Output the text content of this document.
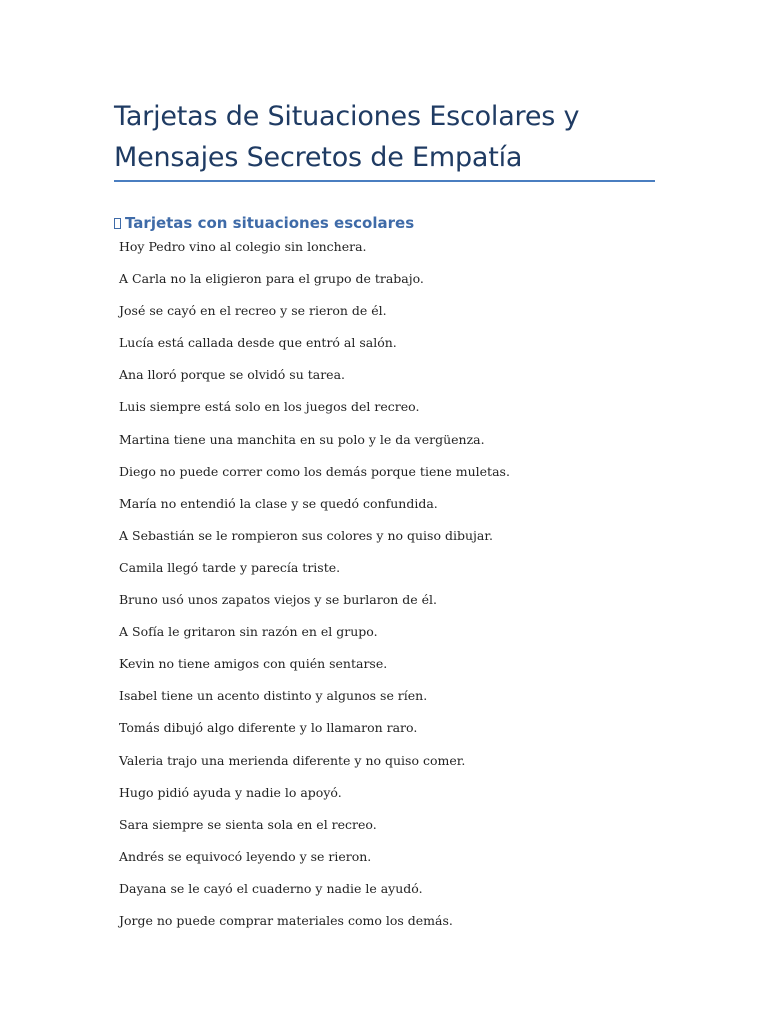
Tarjetas de Situaciones Escolares y Mensajes Secretos de Empatía
Tarjetas con situaciones escolares
Hoy Pedro vino al colegio sin lonchera.
A Carla no la eligieron para el grupo de trabajo.
José se cayó en el recreo y se rieron de él.
Lucía está callada desde que entró al salón.
Ana lloró porque se olvidó su tarea.
Luis siempre está solo en los juegos del recreo.
Martina tiene una manchita en su polo y le da vergüenza.
Diego no puede correr como los demás porque tiene muletas.
María no entendió la clase y se quedó confundida.
A Sebastián se le rompieron sus colores y no quiso dibujar.
Camila llegó tarde y parecía triste.
Bruno usó unos zapatos viejos y se burlaron de él.
A Sofía le gritaron sin razón en el grupo.
Kevin no tiene amigos con quién sentarse.
Isabel tiene un acento distinto y algunos se ríen.
Tomás dibujó algo diferente y lo llamaron raro.
Valeria trajo una merienda diferente y no quiso comer.
Hugo pidió ayuda y nadie lo apoyó.
Sara siempre se sienta sola en el recreo.
Andrés se equivocó leyendo y se rieron.
Dayana se le cayó el cuaderno y nadie le ayudó.
Jorge no puede comprar materiales como los demás.
